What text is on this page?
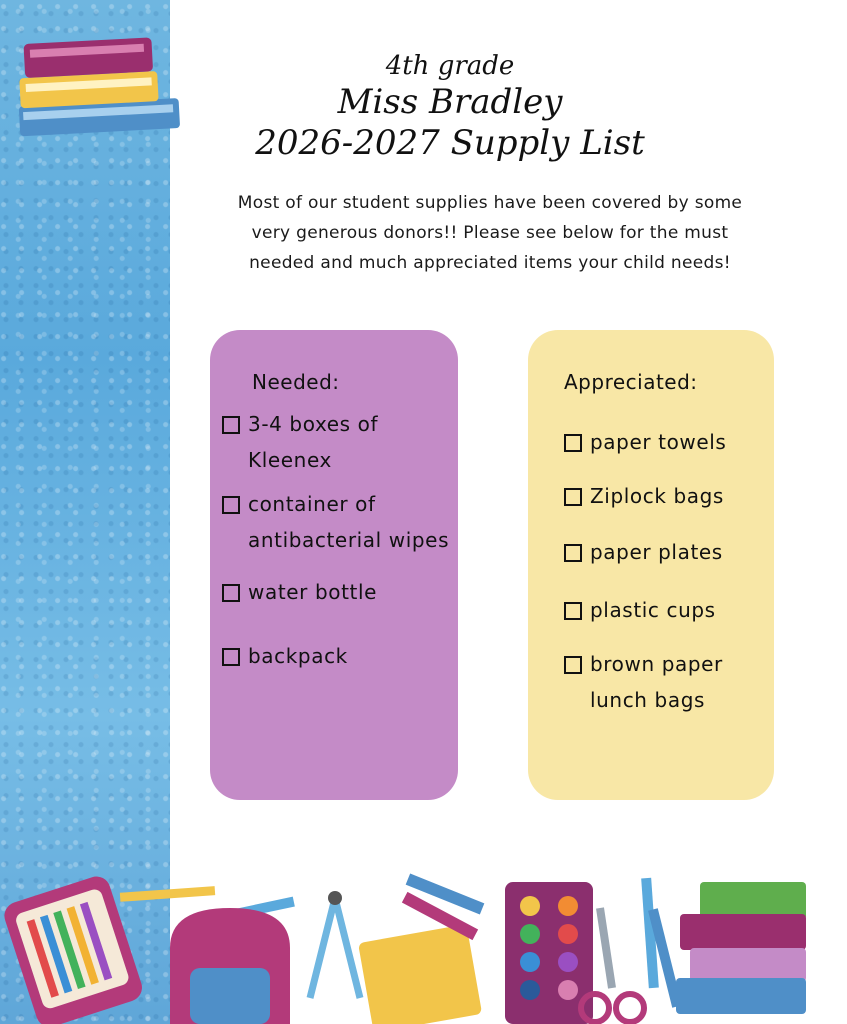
4th grade
Miss Bradley
2026-2027 Supply List
Most of our student supplies have been covered by some very generous donors!! Please see below for the must needed and much appreciated items your child needs!
Needed:
3-4 boxes of Kleenex
container of antibacterial wipes
water bottle
backpack
Appreciated:
paper towels
Ziplock bags
paper plates
plastic cups
brown paper lunch bags
